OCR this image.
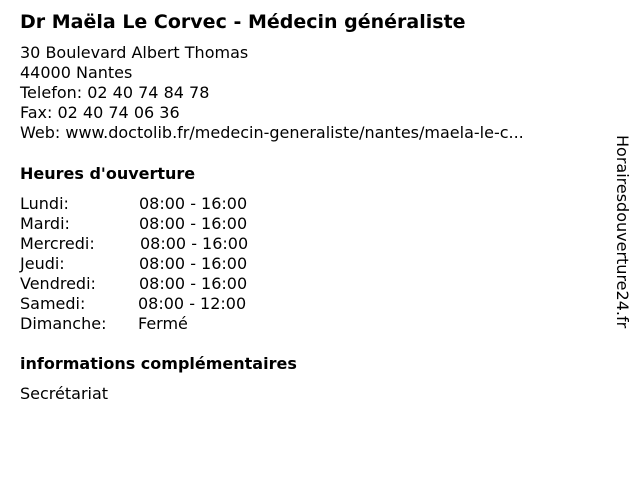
Dr Maëla Le Corvec - Médecin généraliste
30 Boulevard Albert Thomas
44000 Nantes
Telefon: 02 40 74 84 78
Fax: 02 40 74 06 36
Web: www.doctolib.fr/medecin-generaliste/nantes/maela-le-c...
Heures d'ouverture
Lundi:	08:00 - 16:00
Mardi:	08:00 - 16:00
Mercredi:	08:00 - 16:00
Jeudi:	08:00 - 16:00
Vendredi:	08:00 - 16:00
Samedi:	08:00 - 12:00
Dimanche: Fermé
informations complémentaires
Secrétariat
Horairesdouverture24.fr
